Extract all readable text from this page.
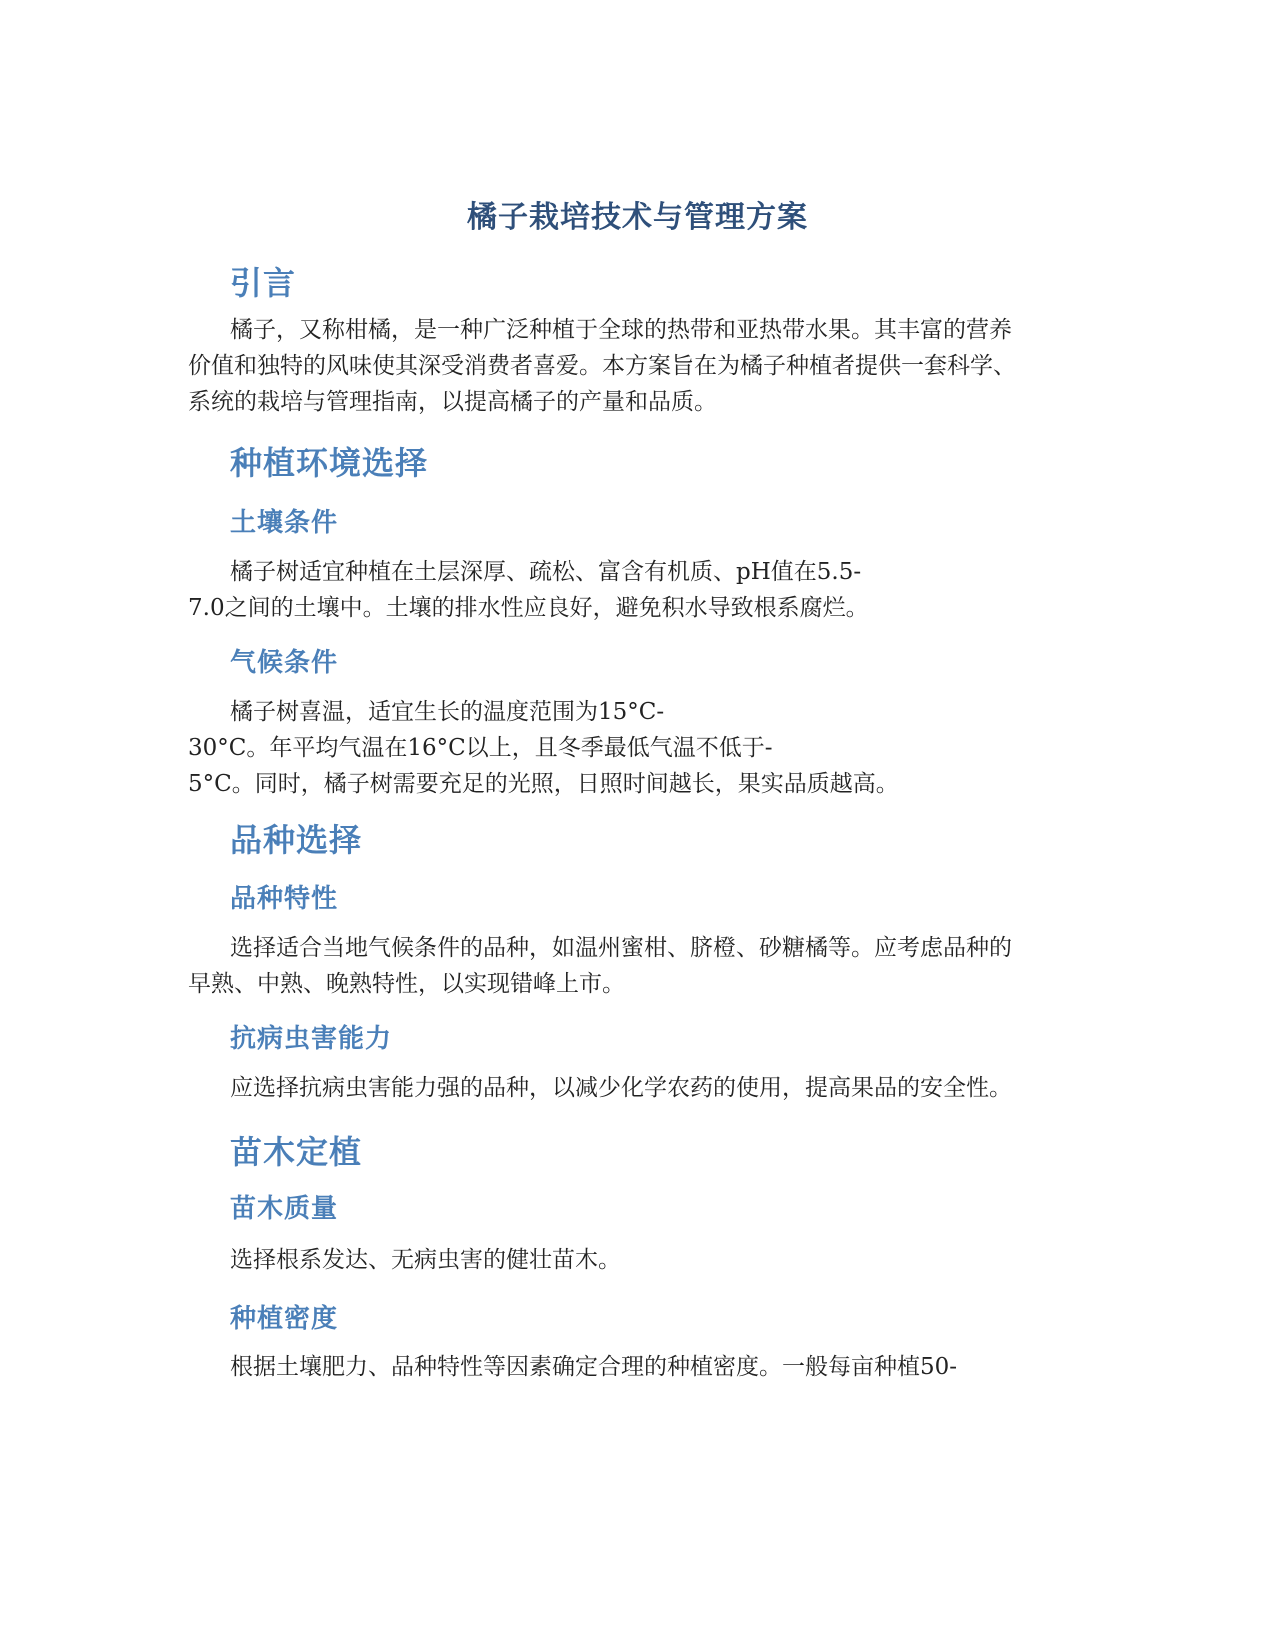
橘子栽培技术与管理方案
引言
橘子，又称柑橘，是一种广泛种植于全球的热带和亚热带水果。其丰富的营养
价值和独特的风味使其深受消费者喜爱。本方案旨在为橘子种植者提供一套科学、
系统的栽培与管理指南，以提高橘子的产量和品质。
种植环境选择
土壤条件
橘子树适宜种植在土层深厚、疏松、富含有机质、pH值在5.5-
7.0之间的土壤中。土壤的排水性应良好，避免积水导致根系腐烂。
气候条件
橘子树喜温，适宜生长的温度范围为15°C-
30°C。年平均气温在16°C以上，且冬季最低气温不低于-
5°C。同时，橘子树需要充足的光照，日照时间越长，果实品质越高。
品种选择
品种特性
选择适合当地气候条件的品种，如温州蜜柑、脐橙、砂糖橘等。应考虑品种的
早熟、中熟、晚熟特性，以实现错峰上市。
抗病虫害能力
应选择抗病虫害能力强的品种，以减少化学农药的使用，提高果品的安全性。
苗木定植
苗木质量
选择根系发达、无病虫害的健壮苗木。
种植密度
根据土壤肥力、品种特性等因素确定合理的种植密度。一般每亩种植50-
